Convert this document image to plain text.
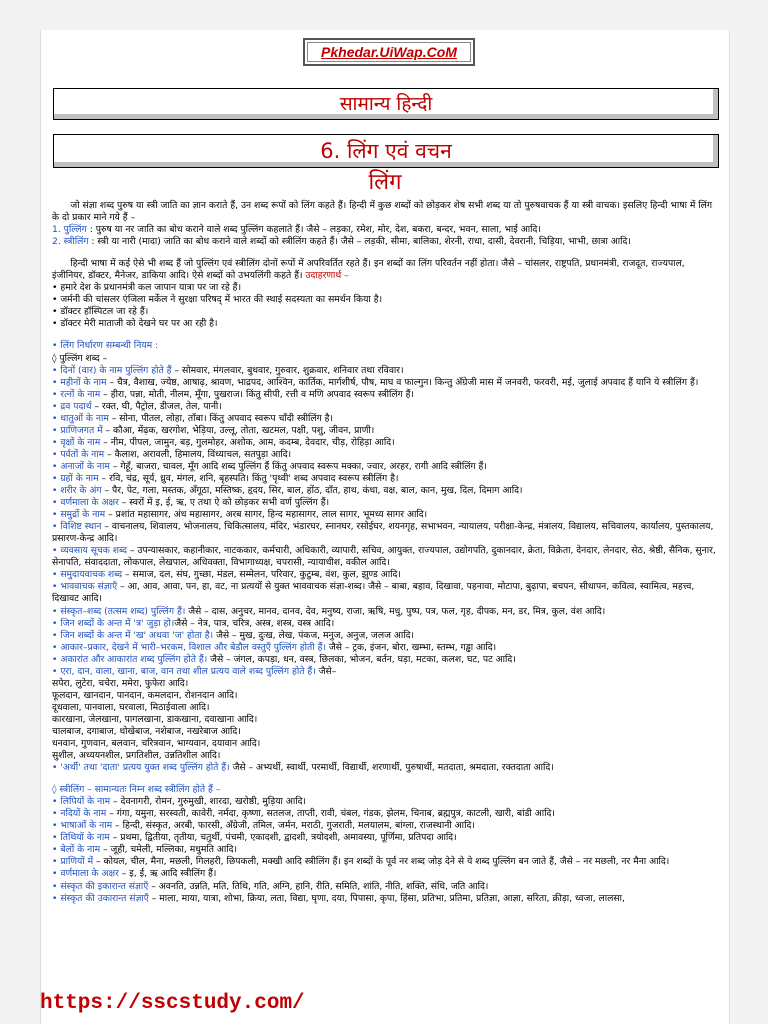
Pkhedar.UiWap.CoM
सामान्य हिन्दी
6. लिंग एवं वचन
लिंग

  जो संज्ञा शब्द पुरुष या स्त्री जाति का ज्ञान कराते हैं, उन शब्द रूपों को लिंग कहते हैं। हिन्दी में कुछ शब्दों को छोड़कर शेष सभी शब्द या तो पुरुषवाचक हैं या स्त्री वाचक। इसलिए हिन्दी भाषा में लिंग के दो प्रकार माने गये हैं –

1. पुल्लिंग : पुरुष या नर जाति का बोध कराने वाले शब्द पुल्लिंग कहलाते हैं। जैसे – लड़का, रमेश, मोर, देश, बकरा, बन्दर, भवन, साला, भाई आदि।

2. स्त्रीलिंग : स्त्री या नारी (मादा) जाति का बोध कराने वाले शब्दों को स्त्रीलिंग कहते हैं। जैसे – लड़की, सीमा, बालिका, शेरनी, राधा, दासी, देवरानी, चिड़िया, भाभी, छात्रा आदि।

  हिन्दी भाषा में कई ऐसे भी शब्द हैं जो पुल्लिंग एवं स्त्रीलिंग दोनों रूपों में अपरिवर्तित रहते हैं। इन शब्दों का लिंग परिवर्तन नहीं होता। जैसे – चांसलर, राष्ट्रपति, प्रधानमंत्री, राजदूत, राज्यपाल, इंजीनियर, डॉक्टर, मैनेजर, डाकिया आदि। ऐसे शब्दों को उभयलिंगी कहते हैं। उदाहरणार्थ –

• हमारे देश के प्रधानमंत्री कल जापान यात्रा पर जा रहे हैं।

• जर्मनी की चांसलर एंजिला मर्केल ने सुरक्षा परिषद् में भारत की स्थाई सदस्यता का समर्थन किया है।

• डॉक्टर हॉस्पिटल जा रहे हैं।

• डॉक्टर मेरी माताजी को देखने घर पर आ रही है।

• लिंग निर्धारण सम्बन्धी नियम :

◊ पुल्लिंग शब्द –

• दिनों (वार) के नाम पुल्लिंग होते हैं – सोमवार, मंगलवार, बुधवार, गुरुवार, शुक्रवार, शनिवार तथा रविवार।

• महीनों के नाम – चैत्र, वैशाख, ज्येष्ठ, आषाढ़, श्रावण, भाद्रपद, आश्विन, कार्तिक, मार्गशीर्ष, पौष, माघ व फाल्गुन। किन्तु अँग्रेजी मास में जनवरी, फरवरी, मई, जुलाई अपवाद हैं यानि ये स्त्रीलिंग हैं।

• रत्नों के नाम – हीरा, पन्ना, मोती, नीलम, मूँगा, पुखराज। किंतु सीपी, रत्ती व मणि अपवाद स्वरूप स्त्रीलिंग हैं।

• द्रव पदार्थ – रक्त, घी, पैट्रोल, डीजल, तेल, पानी।

• धातुओं के नाम – सोना, पीतल, लोहा, ताँबा। किंतु अपवाद स्वरूप चाँदी स्त्रीलिंग है।

• प्राणिजगत में – कौआ, मेंढ़क, खरगोश, भेड़िया, उल्लू, तोता, खटमल, पक्षी, पशु, जीवन, प्राणी।

• वृक्षों के नाम – नीम, पीपल, जामुन, बड़, गुलमोहर, अशोक, आम, कदम्ब, देवदार, चीड़, रोहिड़ा आदि।

• पर्वतों के नाम – कैलाश, अरावली, हिमालय, विंध्याचल, सतपुड़ा आदि।

• अनाजों के नाम – गेहूँ, बाजरा, चावल, मूँग आदि शब्द पुल्लिंग हैं किंतु अपवाद स्वरूप मक्का, ज्वार, अरहर, रागी आदि स्त्रीलिंग हैं।

• ग्रहों के नाम – रवि, चंद्र, सूर्य, ध्रुव, मंगल, शनि, बृहस्पति। किंतु 'पृथ्वी' शब्द अपवाद स्वरूप स्त्रीलिंग है।

• शरीर के अंग – पैर, पेट, गला, मस्तक, अँगूठा, मस्तिष्क, हृदय, सिर, बाल, होंठ, दाँत, हाथ, कंधा, वक्ष, बाल, कान, मुख, दिल, दिमाग आदि।

• वर्णमाला के अक्षर – स्वरों में इ, ई, ऋ, ए तथा ऐ को छोड़कर सभी वर्ण पुल्लिंग हैं।

• समुद्रों के नाम – प्रशांत महासागर, अंध महासागर, अरब सागर, हिन्द महासागर, लाल सागर, भूमध्य सागर आदि।

• विशिष्ट स्थान – वाचनालय, शिवालय, भोजनालय, चिकित्सालय, मंदिर, भंडारघर, स्नानघर, रसोईघर, शयनगृह, सभाभवन, न्यायालय, परीक्षा-केन्द्र, मंत्रालय, विद्यालय, सचिवालय, कार्यालय, पुस्तकालय, प्रसारण-केन्द्र आदि।

• व्यवसाय सूचक शब्द – उपन्यासकार, कहानीकार, नाटककार, कर्मचारी, अधिकारी, व्यापारी, सचिव, आयुक्त, राज्यपाल, उद्योगपति, दुकानदार, क्रेता, विक्रेता, देनदार, लेनदार, सेठ, श्रेष्ठी, सैनिक, सुनार, सेनापति, संवाददाता, लोकपाल, लेखपाल, अधिवक्ता, विभागाध्यक्ष, चपरासी, न्यायाधीश, वकील आदि।

• समुदायवाचक शब्द – समाज, दल, संघ, गुच्छा, मंडल, सम्मेलन, परिवार, कुटुम्ब, वंश, कुल, झुण्ड आदि।

• भाववाचक संज्ञाएँ – आ, आव, आवा, पन, हा, वट, ना प्रत्ययों से युक्त भाववाचक संज्ञा-शब्द। जैसे – बाबा, बहाव, दिखावा, पहनावा, मोटापा, बुढ़ापा, बचपन, सीधापन, कवित्व, स्वामित्व, महत्त्व, दिखावट आदि।

• संस्कृत–शब्द (तत्सम शब्द) पुल्लिंग हैं। जैसे – दास, अनुचर, मानव, दानव, देव, मनुष्य, राजा, ऋषि, मधु, पुष्प, पत्र, फल, गृह, दीपक, मन, डर, मित्र, कुल, वंश आदि।

• जिन शब्दों के अन्त में 'त्र' जुड़ा हो।जैसे – नेत्र, पात्र, चरित्र, अस्त्र, शस्त्र, वस्त्र आदि।

• जिन शब्दों के अन्त में 'ख' अथवा 'ज' होता है। जैसे – मुख, दुःख, लेख, पंकज, मनुज, अनुज, जलज आदि।

• आकार–प्रकार, देखने में भारी–भरकम, विशाल और बेडौल वस्तुएँ पुल्लिंग होती हैं। जैसे – ट्रक, इंजन, बोरा, खम्भा, स्तम्भ, गड्ढा आदि।

• अकारांत और आकारांत शब्द पुल्लिंग होते हैं। जैसे – जंगल, कपड़ा, धन, वस्त्र, छिलका, भोजन, बर्तन, घड़ा, मटका, कलश, घट, पट आदि।

• एरा, दान, वाला, खाना, बाज, वान तथा शील प्रत्यय वाले शब्द पुल्लिंग होते हैं। जैसे–

सपेरा, लुटेरा, चचेरा, ममेरा, फुफेरा आदि।

फूलदान, खानदान, पानदान, कमलदान, रोशनदान आदि।

दूधवाला, पानवाला, घरवाला, मिठाईवाला आदि।

कारखाना, जेलखाना, पागलखाना, डाकखाना, दवाखाना आदि।

चालबाज, दगाबाज, धोखेबाज, नशेबाज, नखरेबाज आदि।

धनवान, गुणवान, बलवान, चरित्रवान, भाग्यवान, दयावान आदि।

सुशील, अध्ययनशील, प्रगतिशील, उन्नतिशील आदि।

• 'अर्थी' तथा 'दाता' प्रत्यय युक्त शब्द पुल्लिंग होते हैं। जैसे – अभ्यर्थी, स्वार्थी, परमार्थी, विद्यार्थी, शरणार्थी, पुरुषार्थी, मतदाता, श्रमदाता, रक्तदाता आदि।

◊ स्त्रीलिंग – सामान्यतः निम्न शब्द स्त्रीलिंग होते हैं –

• लिपियों के नाम – देवनागरी, रोमन, गुरुमुखी, शारदा, खरोष्ठी, मुड़िया आदि।

• नदियों के नाम – गंगा, यमुना, सरस्वती, कावेरी, नर्मदा, कृष्णा, सतलज, ताप्ती, रावी, चंबल, गंडक, झेलम, चिनाब, ब्रह्मपुत्र, काटली, खारी, बांडी आदि।

• भाषाओं के नाम – हिन्दी, संस्कृत, अरबी, फारसी, अँग्रेजी, तमिल, जर्मन, मराठी, गुजराती, मलयालम, बांग्ला, राजस्थानी आदि।

• तिथियों के नाम – प्रथमा, द्वितीया, तृतीया, चतुर्थी, पंचमी, एकादशी, द्वादशी, त्रयोदशी, अमावस्या, पूर्णिमा, प्रतिपदा आदि।

• बेलों के नाम – जूही, चमेली, मल्लिका, मधुमति आदि।

• प्राणियों में – कोयल, चील, मैना, मछली, गिलहरी, छिपकली, मक्खी आदि स्त्रीलिंग हैं। इन शब्दों के पूर्व नर शब्द जोड़ देने से ये शब्द पुल्लिंग बन जाते हैं, जैसे – नर मछली, नर मैना आदि।

• वर्णमाला के अक्षर – इ, ई, ऋ आदि स्त्रीलिंग हैं।

• संस्कृत की इकारान्त संज्ञाएँ – अवनति, उन्नति, मति, तिथि, गति, अग्नि, हानि, रीति, समिति, शांति, नीति, शक्ति, संधि, जति आदि।

• संस्कृत की उकारान्त संज्ञाएँ – माला, माया, यात्रा, शोभा, क्रिया, लता, विद्या, घृणा, दया, पिपासा, कृपा, हिंसा, प्रतिभा, प्रतिमा, प्रतिज्ञा, आज्ञा, सरिता, क्रीड़ा, ध्वजा, लालसा,

https://sscstudy.com/
